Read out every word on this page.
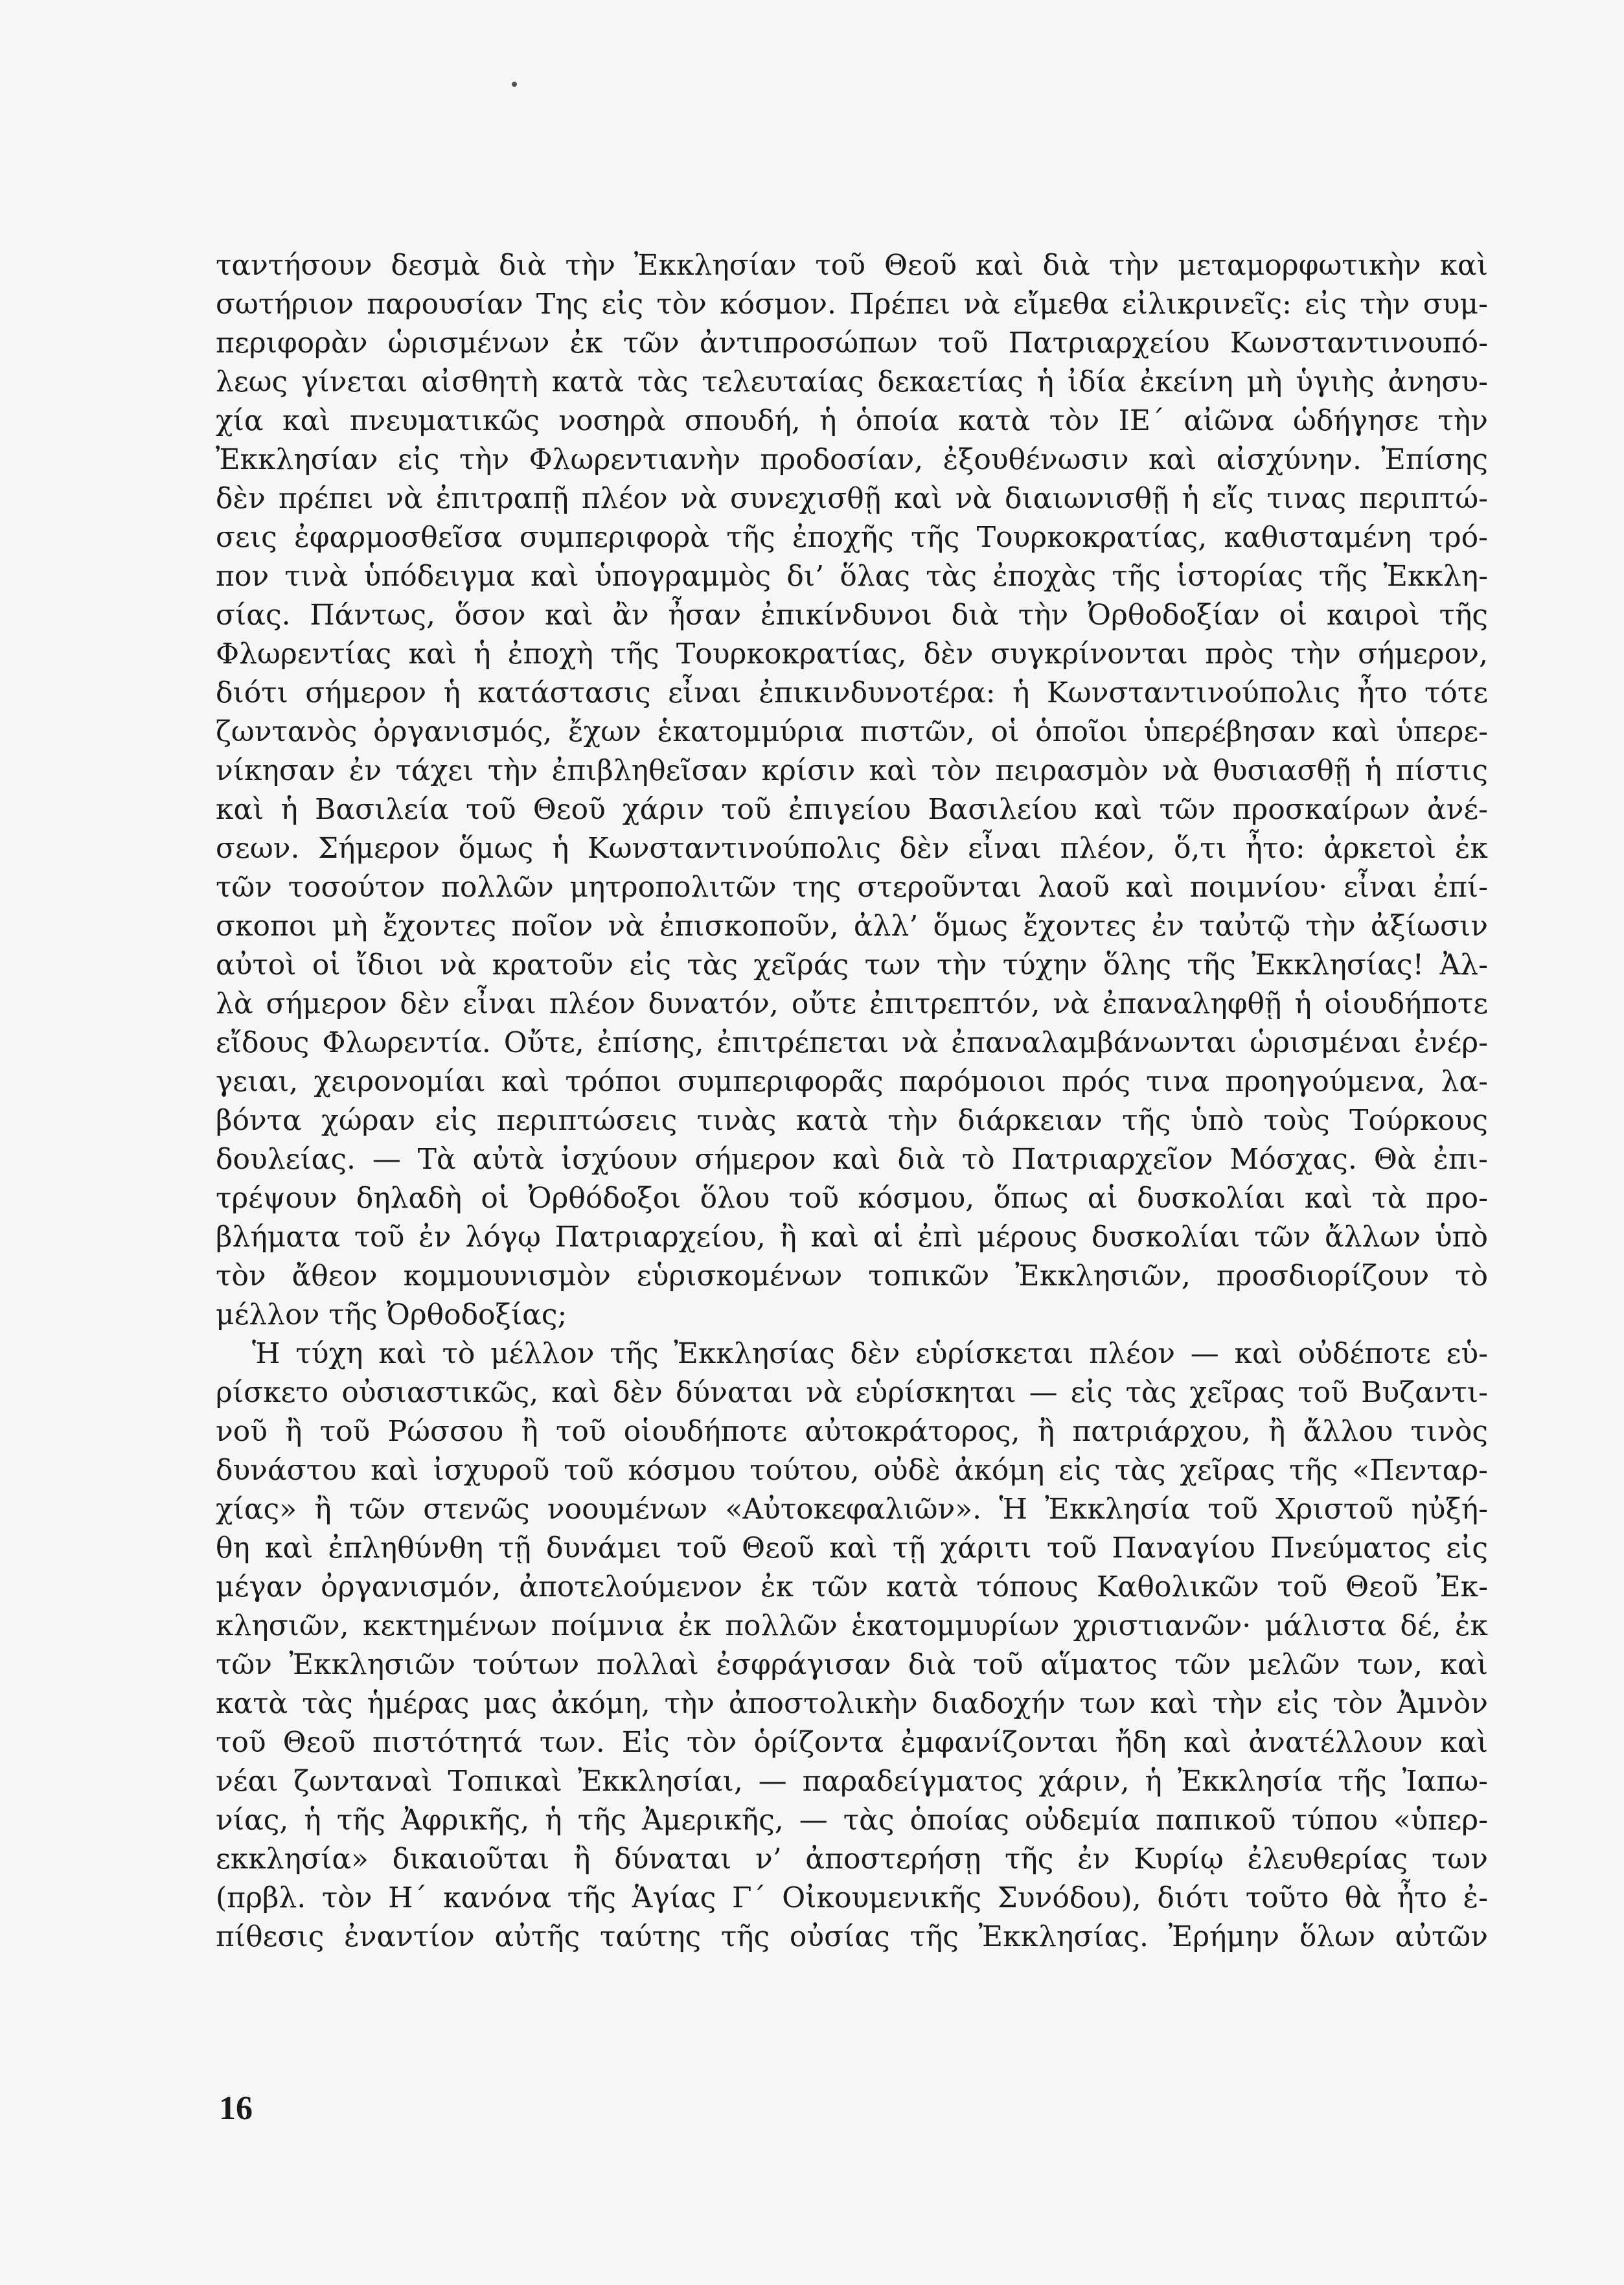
ταντήσουν δεσμὰ διὰ τὴν Ἐκκλησίαν τοῦ Θεοῦ καὶ διὰ τὴν μεταμορφωτικὴν καὶ
σωτήριον παρουσίαν Της εἰς τὸν κόσμον. Πρέπει νὰ εἴμεθα εἰλικρινεῖς: εἰς τὴν συμ-
περιφορὰν ὡρισμένων ἐκ τῶν ἀντιπροσώπων τοῦ Πατριαρχείου Κωνσταντινουπό-
λεως γίνεται αἰσθητὴ κατὰ τὰς τελευταίας δεκαετίας ἡ ἰδία ἐκείνη μὴ ὑγιὴς ἀνησυ-
χία καὶ πνευματικῶς νοσηρὰ σπουδή, ἡ ὁποία κατὰ τὸν ΙΕ΄ αἰῶνα ὡδήγησε τὴν
Ἐκκλησίαν εἰς τὴν Φλωρεντιανὴν προδοσίαν, ἐξουθένωσιν καὶ αἰσχύνην. Ἐπίσης
δὲν πρέπει νὰ ἐπιτραπῇ πλέον νὰ συνεχισθῇ καὶ νὰ διαιωνισθῇ ἡ εἴς τινας περιπτώ-
σεις ἐφαρμοσθεῖσα συμπεριφορὰ τῆς ἐποχῆς τῆς Τουρκοκρατίας, καθισταμένη τρό-
πον τινὰ ὑπόδειγμα καὶ ὑπογραμμὸς δι’ ὅλας τὰς ἐποχὰς τῆς ἱστορίας τῆς Ἐκκλη-
σίας. Πάντως, ὅσον καὶ ἂν ἦσαν ἐπικίνδυνοι διὰ τὴν Ὀρθοδοξίαν οἱ καιροὶ τῆς
Φλωρεντίας καὶ ἡ ἐποχὴ τῆς Τουρκοκρατίας, δὲν συγκρίνονται πρὸς τὴν σήμερον,
διότι σήμερον ἡ κατάστασις εἶναι ἐπικινδυνοτέρα: ἡ Κωνσταντινούπολις ἦτο τότε
ζωντανὸς ὀργανισμός, ἔχων ἑκατομμύρια πιστῶν, οἱ ὁποῖοι ὑπερέβησαν καὶ ὑπερε-
νίκησαν ἐν τάχει τὴν ἐπιβληθεῖσαν κρίσιν καὶ τὸν πειρασμὸν νὰ θυσιασθῇ ἡ πίστις
καὶ ἡ Βασιλεία τοῦ Θεοῦ χάριν τοῦ ἐπιγείου Βασιλείου καὶ τῶν προσκαίρων ἀνέ-
σεων. Σήμερον ὅμως ἡ Κωνσταντινούπολις δὲν εἶναι πλέον, ὅ,τι ἦτο: ἀρκετοὶ ἐκ
τῶν τοσούτον πολλῶν μητροπολιτῶν της στεροῦνται λαοῦ καὶ ποιμνίου· εἶναι ἐπί-
σκοποι μὴ ἔχοντες ποῖον νὰ ἐπισκοποῦν, ἀλλ’ ὅμως ἔχοντες ἐν ταὐτῷ τὴν ἀξίωσιν
αὐτοὶ οἱ ἴδιοι νὰ κρατοῦν εἰς τὰς χεῖράς των τὴν τύχην ὅλης τῆς Ἐκκλησίας! Ἀλ-
λὰ σήμερον δὲν εἶναι πλέον δυνατόν, οὔτε ἐπιτρεπτόν, νὰ ἐπαναληφθῇ ἡ οἱουδήποτε
εἴδους Φλωρεντία. Οὔτε, ἐπίσης, ἐπιτρέπεται νὰ ἐπαναλαμβάνωνται ὡρισμέναι ἐνέρ-
γειαι, χειρονομίαι καὶ τρόποι συμπεριφορᾶς παρόμοιοι πρός τινα προηγούμενα, λα-
βόντα χώραν εἰς περιπτώσεις τινὰς κατὰ τὴν διάρκειαν τῆς ὑπὸ τοὺς Τούρκους
δουλείας. — Τὰ αὐτὰ ἰσχύουν σήμερον καὶ διὰ τὸ Πατριαρχεῖον Μόσχας. Θὰ ἐπι-
τρέψουν δηλαδὴ οἱ Ὀρθόδοξοι ὅλου τοῦ κόσμου, ὅπως αἱ δυσκολίαι καὶ τὰ προ-
βλήματα τοῦ ἐν λόγῳ Πατριαρχείου, ἢ καὶ αἱ ἐπὶ μέρους δυσκολίαι τῶν ἄλλων ὑπὸ
τὸν ἄθεον κομμουνισμὸν εὑρισκομένων τοπικῶν Ἐκκλησιῶν, προσδιορίζουν τὸ
μέλλον τῆς Ὀρθοδοξίας;
Ἡ τύχη καὶ τὸ μέλλον τῆς Ἐκκλησίας δὲν εὑρίσκεται πλέον — καὶ οὐδέποτε εὑ-
ρίσκετο οὐσιαστικῶς, καὶ δὲν δύναται νὰ εὑρίσκηται — εἰς τὰς χεῖρας τοῦ Βυζαντι-
νοῦ ἢ τοῦ Ρώσσου ἢ τοῦ οἱουδήποτε αὐτοκράτορος, ἢ πατριάρχου, ἢ ἄλλου τινὸς
δυνάστου καὶ ἰσχυροῦ τοῦ κόσμου τούτου, οὐδὲ ἀκόμη εἰς τὰς χεῖρας τῆς «Πενταρ-
χίας» ἢ τῶν στενῶς νοουμένων «Αὐτοκεφαλιῶν». Ἡ Ἐκκλησία τοῦ Χριστοῦ ηὐξή-
θη καὶ ἐπληθύνθη τῇ δυνάμει τοῦ Θεοῦ καὶ τῇ χάριτι τοῦ Παναγίου Πνεύματος εἰς
μέγαν ὀργανισμόν, ἀποτελούμενον ἐκ τῶν κατὰ τόπους Καθολικῶν τοῦ Θεοῦ Ἐκ-
κλησιῶν, κεκτημένων ποίμνια ἐκ πολλῶν ἑκατομμυρίων χριστιανῶν· μάλιστα δέ, ἐκ
τῶν Ἐκκλησιῶν τούτων πολλαὶ ἐσφράγισαν διὰ τοῦ αἵματος τῶν μελῶν των, καὶ
κατὰ τὰς ἡμέρας μας ἀκόμη, τὴν ἀποστολικὴν διαδοχήν των καὶ τὴν εἰς τὸν Ἀμνὸν
τοῦ Θεοῦ πιστότητά των. Εἰς τὸν ὁρίζοντα ἐμφανίζονται ἤδη καὶ ἀνατέλλουν καὶ
νέαι ζωνταναὶ Τοπικαὶ Ἐκκλησίαι, — παραδείγματος χάριν, ἡ Ἐκκλησία τῆς Ἰαπω-
νίας, ἡ τῆς Ἀφρικῆς, ἡ τῆς Ἀμερικῆς, — τὰς ὁποίας οὐδεμία παπικοῦ τύπου «ὑπερ-
εκκλησία» δικαιοῦται ἢ δύναται ν’ ἀποστερήσῃ τῆς ἐν Κυρίῳ ἐλευθερίας των
(πρβλ. τὸν Η΄ κανόνα τῆς Ἁγίας Γ΄ Οἰκουμενικῆς Συνόδου), διότι τοῦτο θὰ ἦτο ἐ-
πίθεσις ἐναντίον αὐτῆς ταύτης τῆς οὐσίας τῆς Ἐκκλησίας. Ἐρήμην ὅλων αὐτῶν
16
